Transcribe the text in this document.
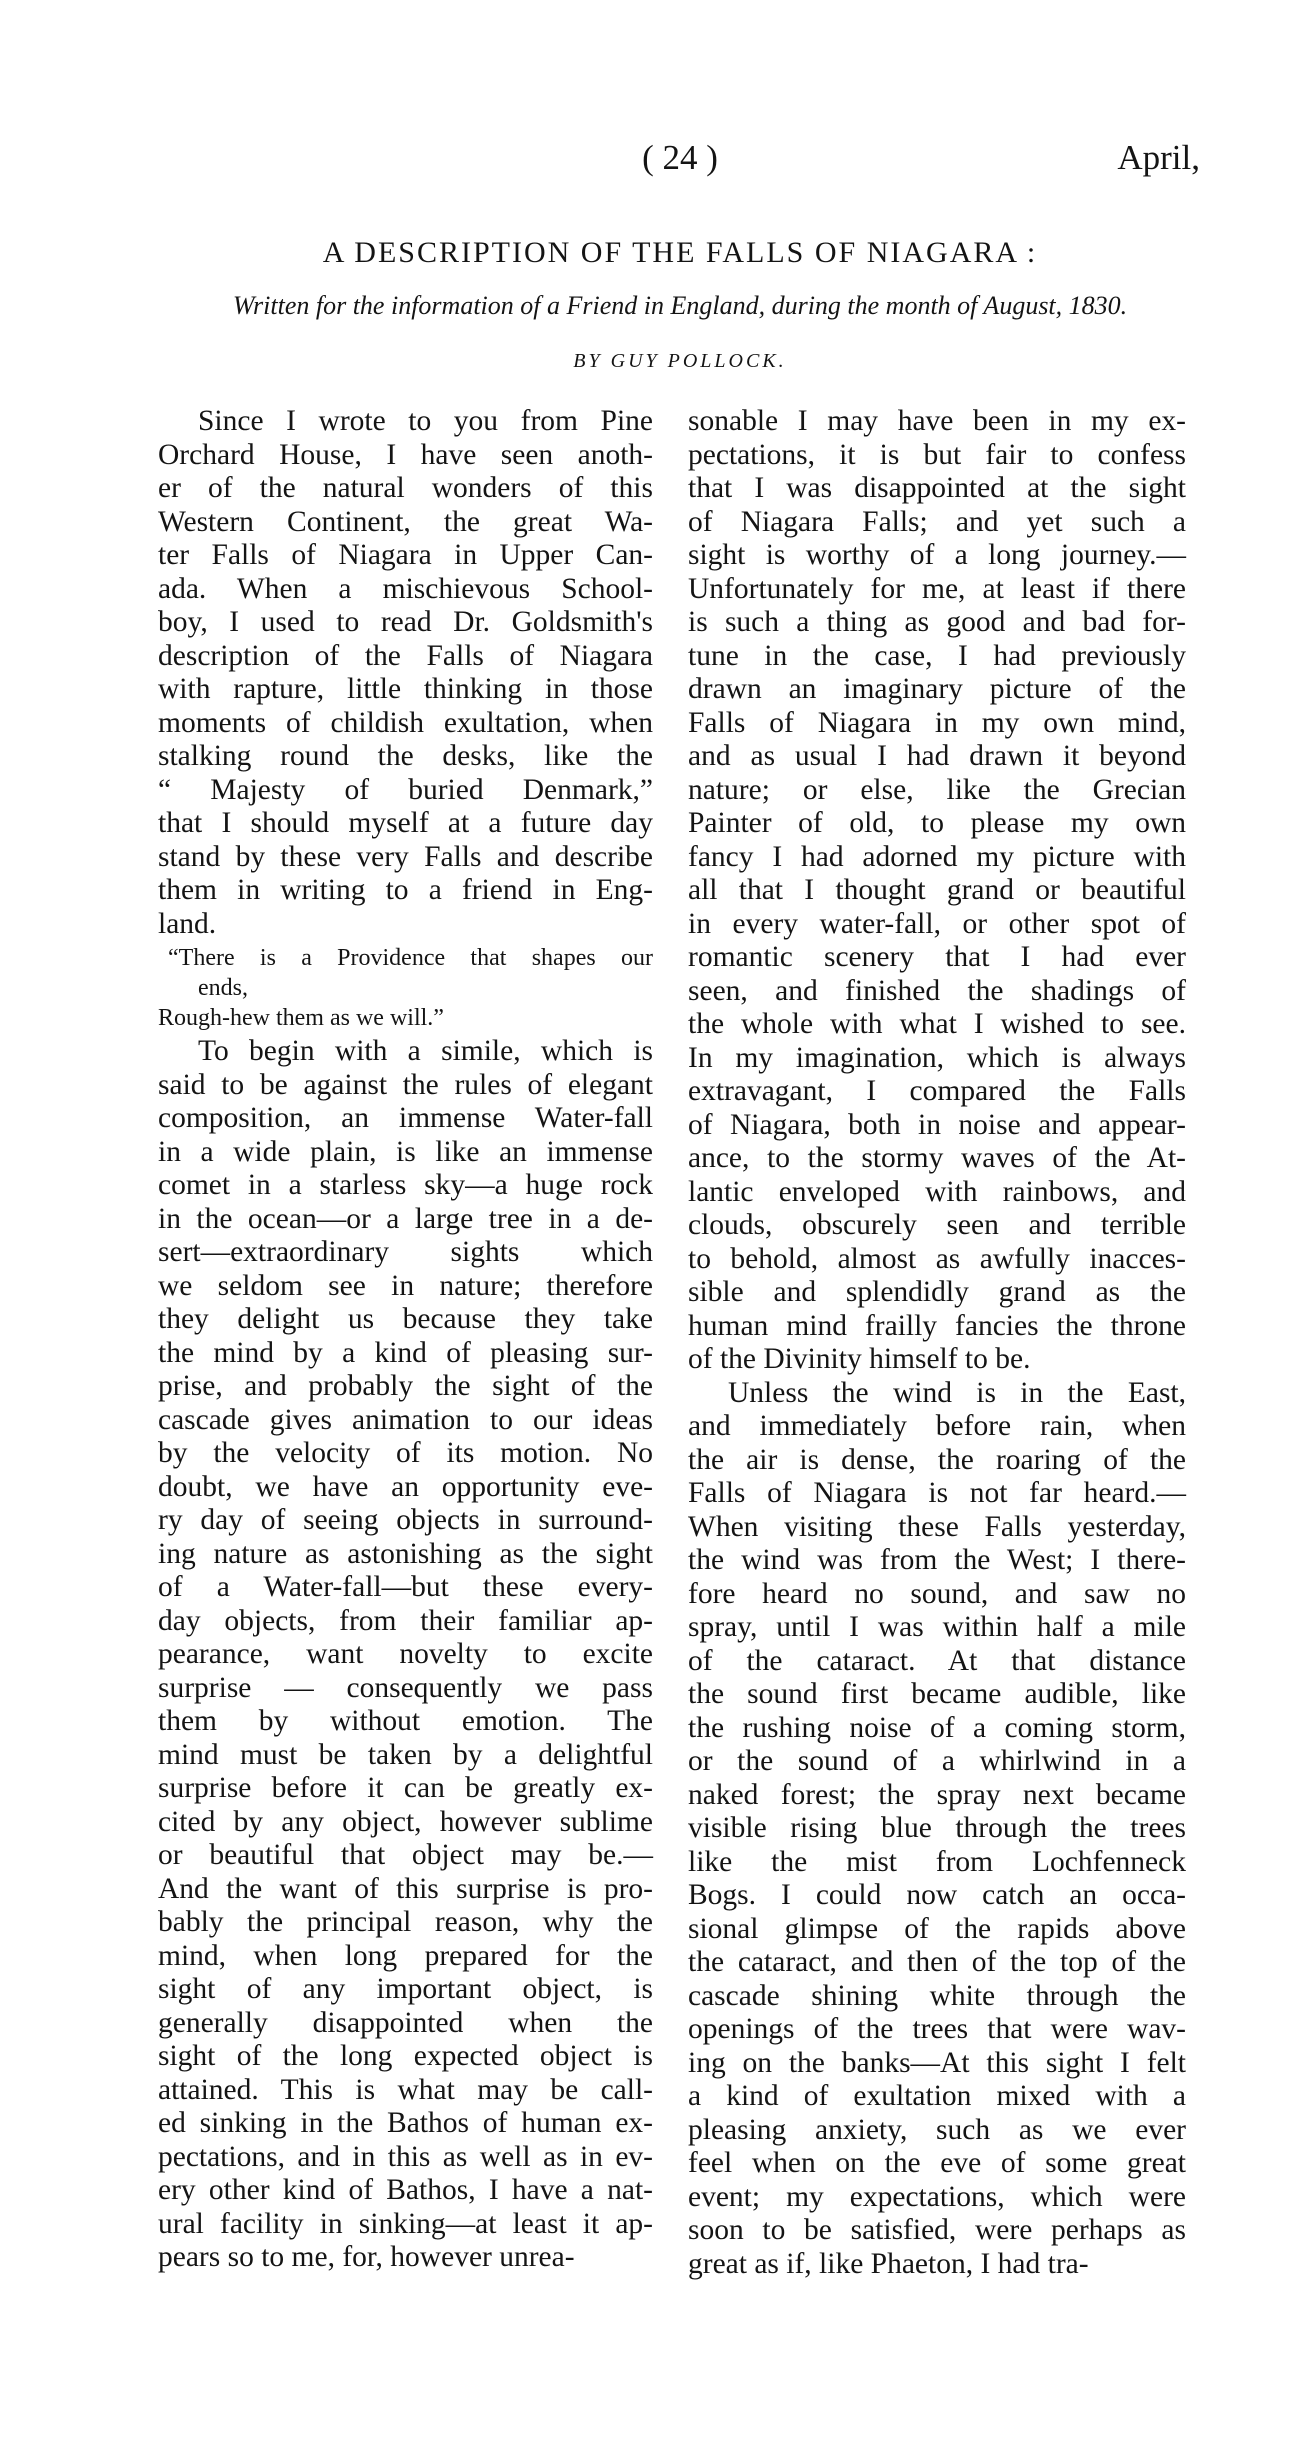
( 24 )	April,
A DESCRIPTION OF THE FALLS OF NIAGARA :
Written for the information of a Friend in England, during the month of August, 1830.
BY GUY POLLOCK.
Since I wrote to you from Pine
Orchard House, I have seen anoth-
er of the natural wonders of this
Western Continent, the great Wa-
ter Falls of Niagara in Upper Can-
ada. When a mischievous School-
boy, I used to read Dr. Goldsmith's
description of the Falls of Niagara
with rapture, little thinking in those
moments of childish exultation, when
stalking round the desks, like the
“ Majesty of buried Denmark,”
that I should myself at a future day
stand by these very Falls and describe
them in writing to a friend in Eng-
land.
“There is a Providence that shapes our
ends,
Rough-hew them as we will.”
To begin with a simile, which is
said to be against the rules of elegant
composition, an immense Water-fall
in a wide plain, is like an immense
comet in a starless sky—a huge rock
in the ocean—or a large tree in a de-
sert—extraordinary sights which
we seldom see in nature; therefore
they delight us because they take
the mind by a kind of pleasing sur-
prise, and probably the sight of the
cascade gives animation to our ideas
by the velocity of its motion. No
doubt, we have an opportunity eve-
ry day of seeing objects in surround-
ing nature as astonishing as the sight
of a Water-fall—but these every-
day objects, from their familiar ap-
pearance, want novelty to excite
surprise — consequently we pass
them by without emotion. The
mind must be taken by a delightful
surprise before it can be greatly ex-
cited by any object, however sublime
or beautiful that object may be.—
And the want of this surprise is pro-
bably the principal reason, why the
mind, when long prepared for the
sight of any important object, is
generally disappointed when the
sight of the long expected object is
attained. This is what may be call-
ed sinking in the Bathos of human ex-
pectations, and in this as well as in ev-
ery other kind of Bathos, I have a nat-
ural facility in sinking—at least it ap-
pears so to me, for, however unrea-
sonable I may have been in my ex-
pectations, it is but fair to confess
that I was disappointed at the sight
of Niagara Falls; and yet such a
sight is worthy of a long journey.—
Unfortunately for me, at least if there
is such a thing as good and bad for-
tune in the case, I had previously
drawn an imaginary picture of the
Falls of Niagara in my own mind,
and as usual I had drawn it beyond
nature; or else, like the Grecian
Painter of old, to please my own
fancy I had adorned my picture with
all that I thought grand or beautiful
in every water-fall, or other spot of
romantic scenery that I had ever
seen, and finished the shadings of
the whole with what I wished to see.
In my imagination, which is always
extravagant, I compared the Falls
of Niagara, both in noise and appear-
ance, to the stormy waves of the At-
lantic enveloped with rainbows, and
clouds, obscurely seen and terrible
to behold, almost as awfully inacces-
sible and splendidly grand as the
human mind frailly fancies the throne
of the Divinity himself to be.
Unless the wind is in the East,
and immediately before rain, when
the air is dense, the roaring of the
Falls of Niagara is not far heard.—
When visiting these Falls yesterday,
the wind was from the West; I there-
fore heard no sound, and saw no
spray, until I was within half a mile
of the cataract. At that distance
the sound first became audible, like
the rushing noise of a coming storm,
or the sound of a whirlwind in a
naked forest; the spray next became
visible rising blue through the trees
like the mist from Lochfenneck
Bogs. I could now catch an occa-
sional glimpse of the rapids above
the cataract, and then of the top of the
cascade shining white through the
openings of the trees that were wav-
ing on the banks—At this sight I felt
a kind of exultation mixed with a
pleasing anxiety, such as we ever
feel when on the eve of some great
event; my expectations, which were
soon to be satisfied, were perhaps as
great as if, like Phaeton, I had tra-
